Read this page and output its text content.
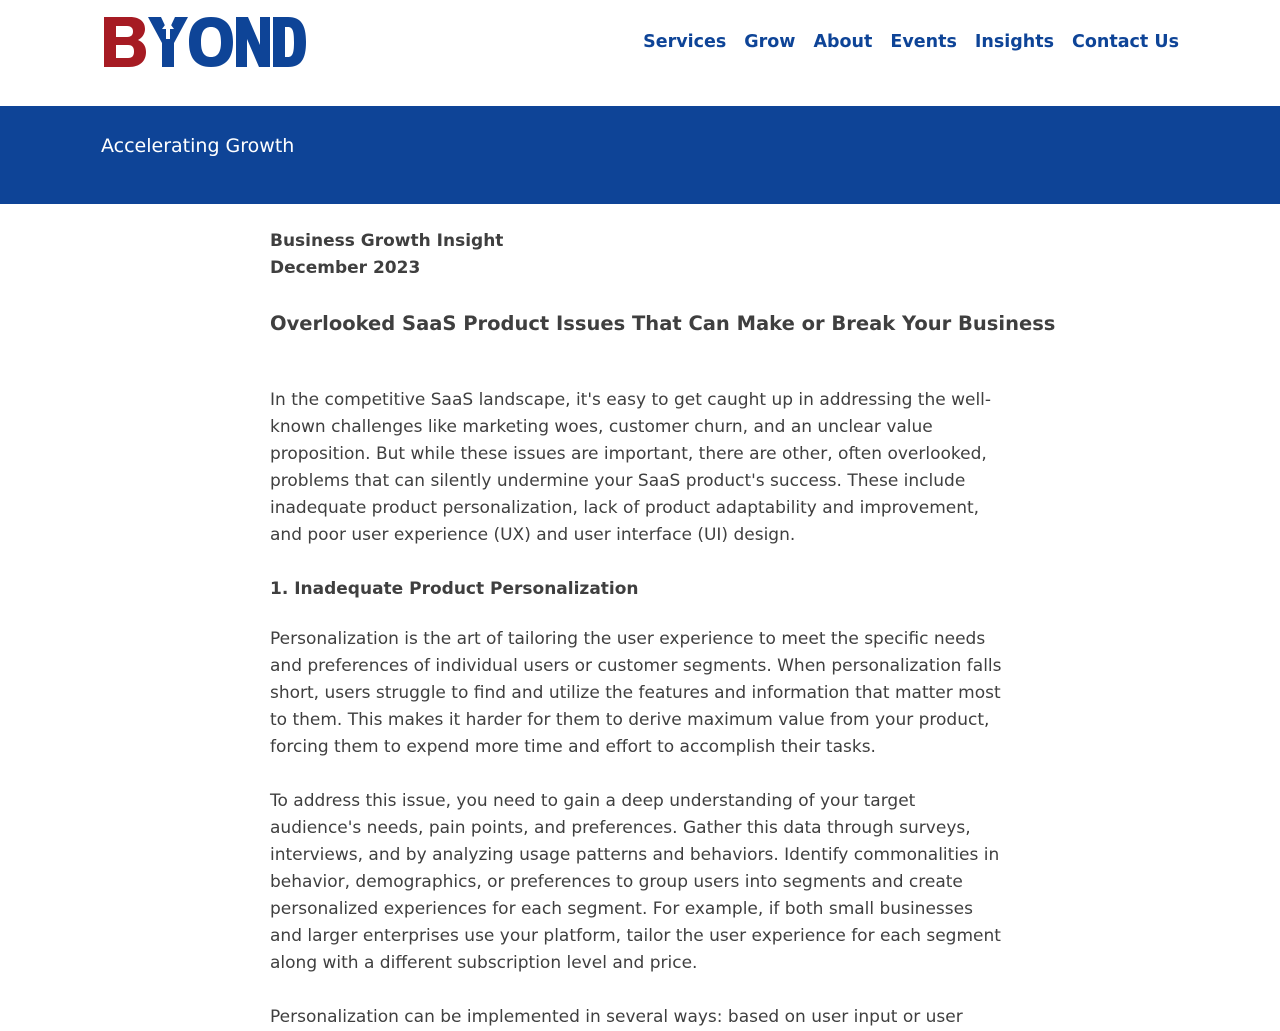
Services Grow About Events Insights Contact Us
Accelerating Growth

Business Growth Insight

December 2023

Overlooked SaaS Product Issues That Can Make or Break Your Business

In the competitive SaaS landscape, it's easy to get caught up in addressing the well-known challenges like marketing woes, customer churn, and an unclear value proposition. But while these issues are important, there are other, often overlooked, problems that can silently undermine your SaaS product's success. These include inadequate product personalization, lack of product adaptability and improvement, and poor user experience (UX) and user interface (UI) design.

1. Inadequate Product Personalization

Personalization is the art of tailoring the user experience to meet the specific needs and preferences of individual users or customer segments. When personalization falls short, users struggle to find and utilize the features and information that matter most to them. This makes it harder for them to derive maximum value from your product, forcing them to expend more time and effort to accomplish their tasks.

To address this issue, you need to gain a deep understanding of your target audience's needs, pain points, and preferences. Gather this data through surveys, interviews, and by analyzing usage patterns and behaviors. Identify commonalities in behavior, demographics, or preferences to group users into segments and create personalized experiences for each segment. For example, if both small businesses and larger enterprises use your platform, tailor the user experience for each segment along with a different subscription level and price.

Personalization can be implemented in several ways: based on user input or user
